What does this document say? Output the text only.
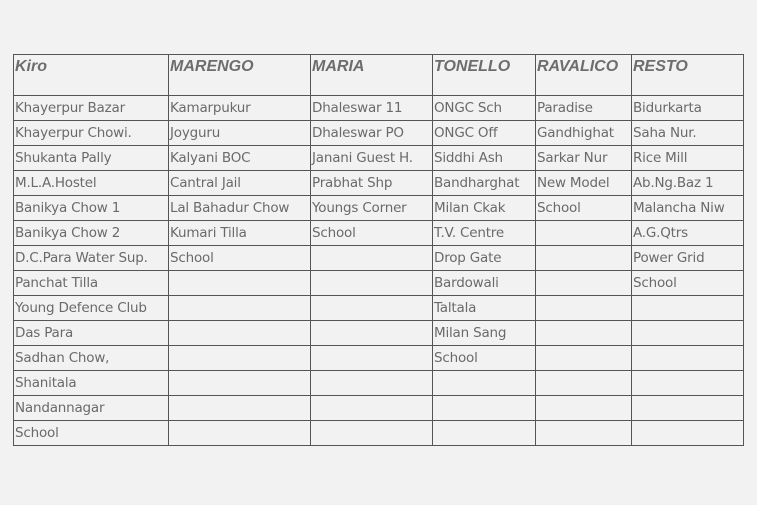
Kiro	MARENGO	MARIA	TONELLO	RAVALICO	RESTO
Khayerpur Bazar	Kamarpukur	Dhaleswar 11	ONGC Sch	Paradise	Bidurkarta
Khayerpur Chowi.	Joyguru	Dhaleswar PO	ONGC Off	Gandhighat	Saha Nur.
Shukanta Pally	Kalyani BOC	Janani Guest H.	Siddhi Ash	Sarkar Nur	Rice Mill
M.L.A.Hostel	Cantral Jail	Prabhat Shp	Bandharghat	New Model	Ab.Ng.Baz 1
Banikya Chow 1	Lal Bahadur Chow	Youngs Corner	Milan Ckak	School	Malancha Niw
Banikya Chow 2	Kumari Tilla	School	T.V. Centre		A.G.Qtrs
D.C.Para Water Sup.	School		Drop Gate		Power Grid
Panchat Tilla			Bardowali		School
Young Defence Club			Taltala		
Das Para			Milan Sang		
Sadhan Chow,			School		
Shanitala					
Nandannagar					
School					
